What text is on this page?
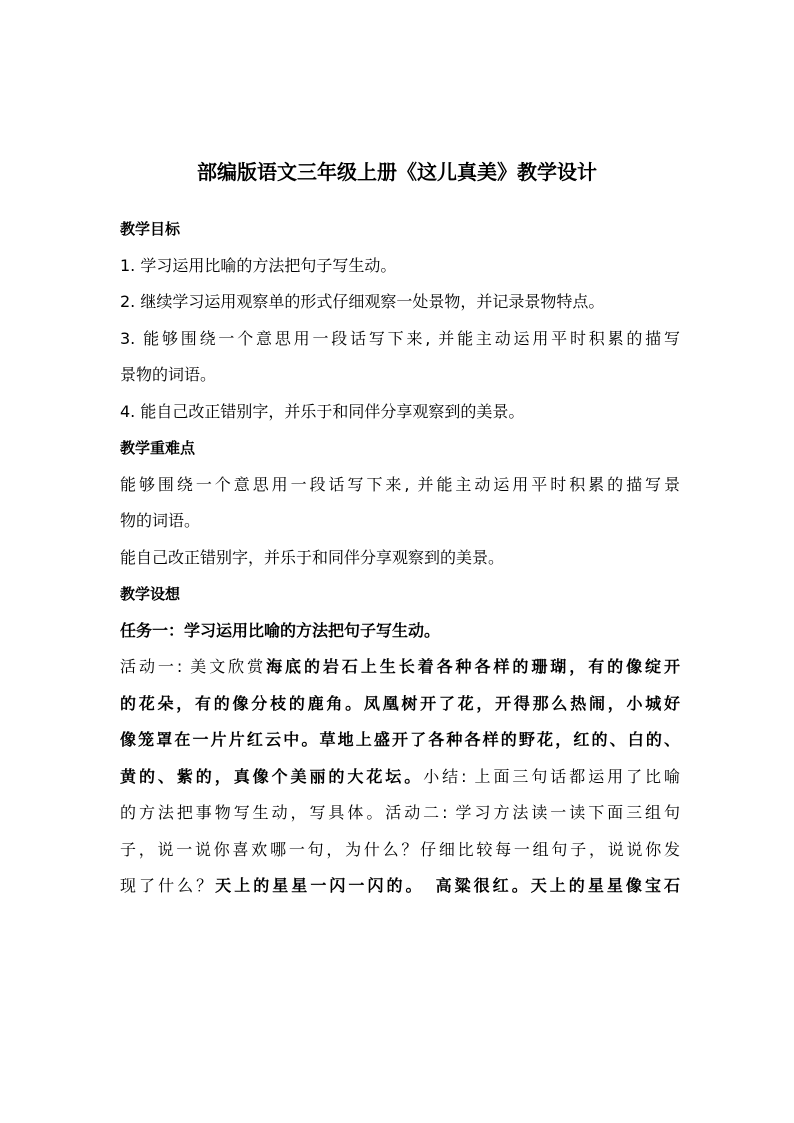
部编版语文三年级上册《这儿真美》教学设计
教学目标
1. 学习运用比喻的方法把句子写生动。
2. 继续学习运用观察单的形式仔细观察一处景物，并记录景物特点。
3. 能够围绕一个意思用一段话写下来, 并能主动运用平时积累的描写
景物的词语。
4. 能自己改正错别字，并乐于和同伴分享观察到的美景。
教学重难点
能够围绕一个意思用一段话写下来, 并能主动运用平时积累的描写景
物的词语。
能自己改正错别字，并乐于和同伴分享观察到的美景。
教学设想
任务一：学习运用比喻的方法把句子写生动。
活动一: 美文欣赏海底的岩石上生长着各种各样的珊瑚，有的像绽开
的花朵，有的像分枝的鹿角。凤凰树开了花，开得那么热闹，小城好
像笼罩在一片片红云中。草地上盛开了各种各样的野花，红的、白的、
黄的、紫的，真像个美丽的大花坛。小结: 上面三句话都运用了比喻
的方法把事物写生动，写具体。活动二: 学习方法读一读下面三组句
子，说一说你喜欢哪一句，为什么？仔细比较每一组句子，说说你发
现了什么？天上的星星一闪一闪的。　高粱很红。天上的星星像宝石
